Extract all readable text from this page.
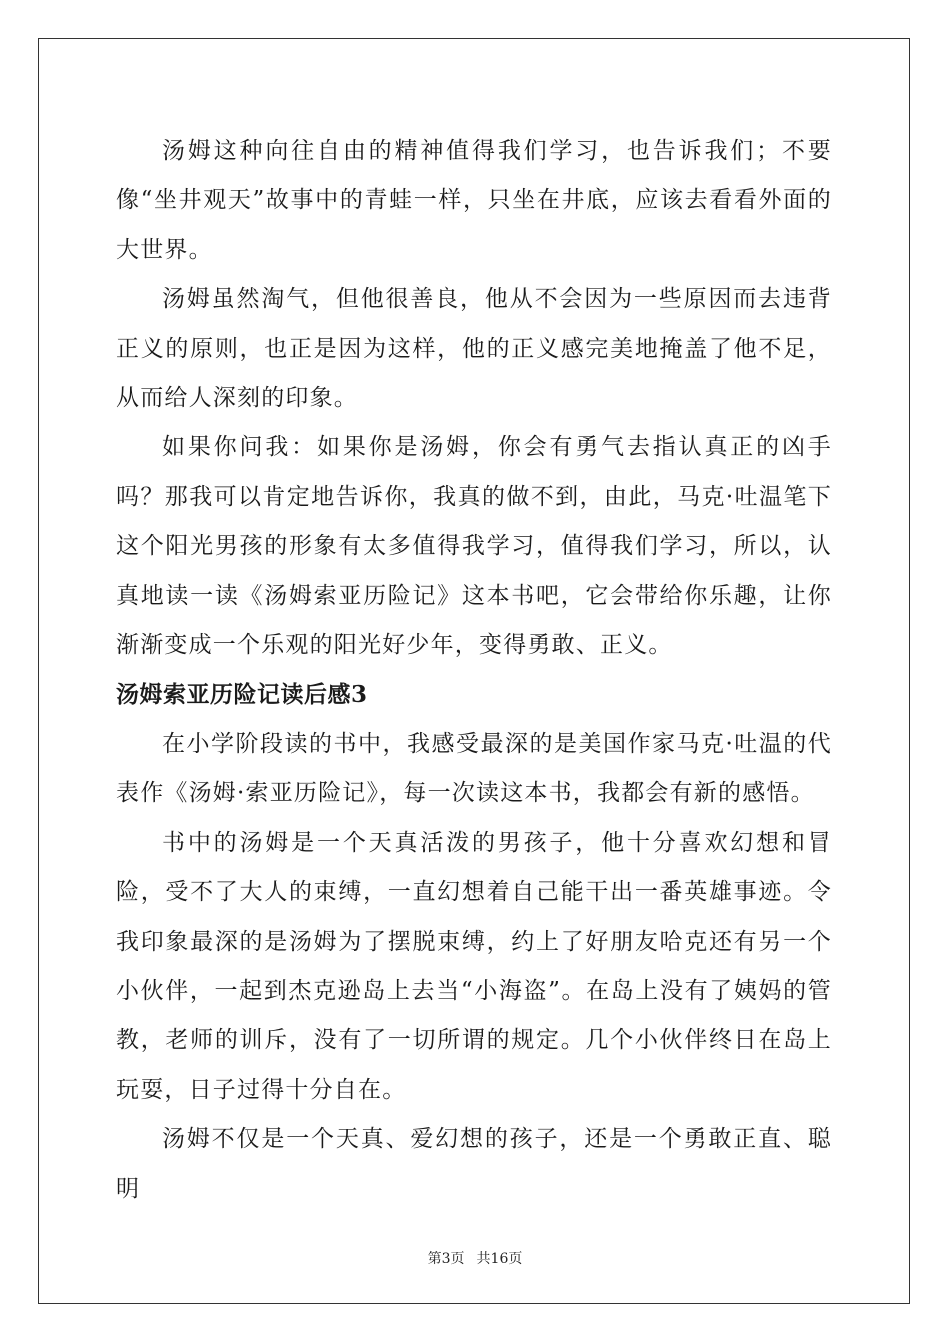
汤姆这种向往自由的精神值得我们学习，也告诉我们；不要像“坐井观天”故事中的青蛙一样，只坐在井底，应该去看看外面的大世界。

汤姆虽然淘气，但他很善良，他从不会因为一些原因而去违背正义的原则，也正是因为这样，他的正义感完美地掩盖了他不足，从而给人深刻的印象。

如果你问我：如果你是汤姆，你会有勇气去指认真正的凶手吗？那我可以肯定地告诉你，我真的做不到，由此，马克·吐温笔下这个阳光男孩的形象有太多值得我学习，值得我们学习，所以，认真地读一读《汤姆索亚历险记》这本书吧，它会带给你乐趣，让你渐渐变成一个乐观的阳光好少年，变得勇敢、正义。

汤姆索亚历险记读后感3

在小学阶段读的书中，我感受最深的是美国作家马克·吐温的代表作《汤姆·索亚历险记》，每一次读这本书，我都会有新的感悟。

书中的汤姆是一个天真活泼的男孩子，他十分喜欢幻想和冒险，受不了大人的束缚，一直幻想着自己能干出一番英雄事迹。令我印象最深的是汤姆为了摆脱束缚，约上了好朋友哈克还有另一个小伙伴，一起到杰克逊岛上去当“小海盗”。在岛上没有了姨妈的管教，老师的训斥，没有了一切所谓的规定。几个小伙伴终日在岛上玩耍，日子过得十分自在。

汤姆不仅是一个天真、爱幻想的孩子，还是一个勇敢正直、聪明

第3页 共16页
